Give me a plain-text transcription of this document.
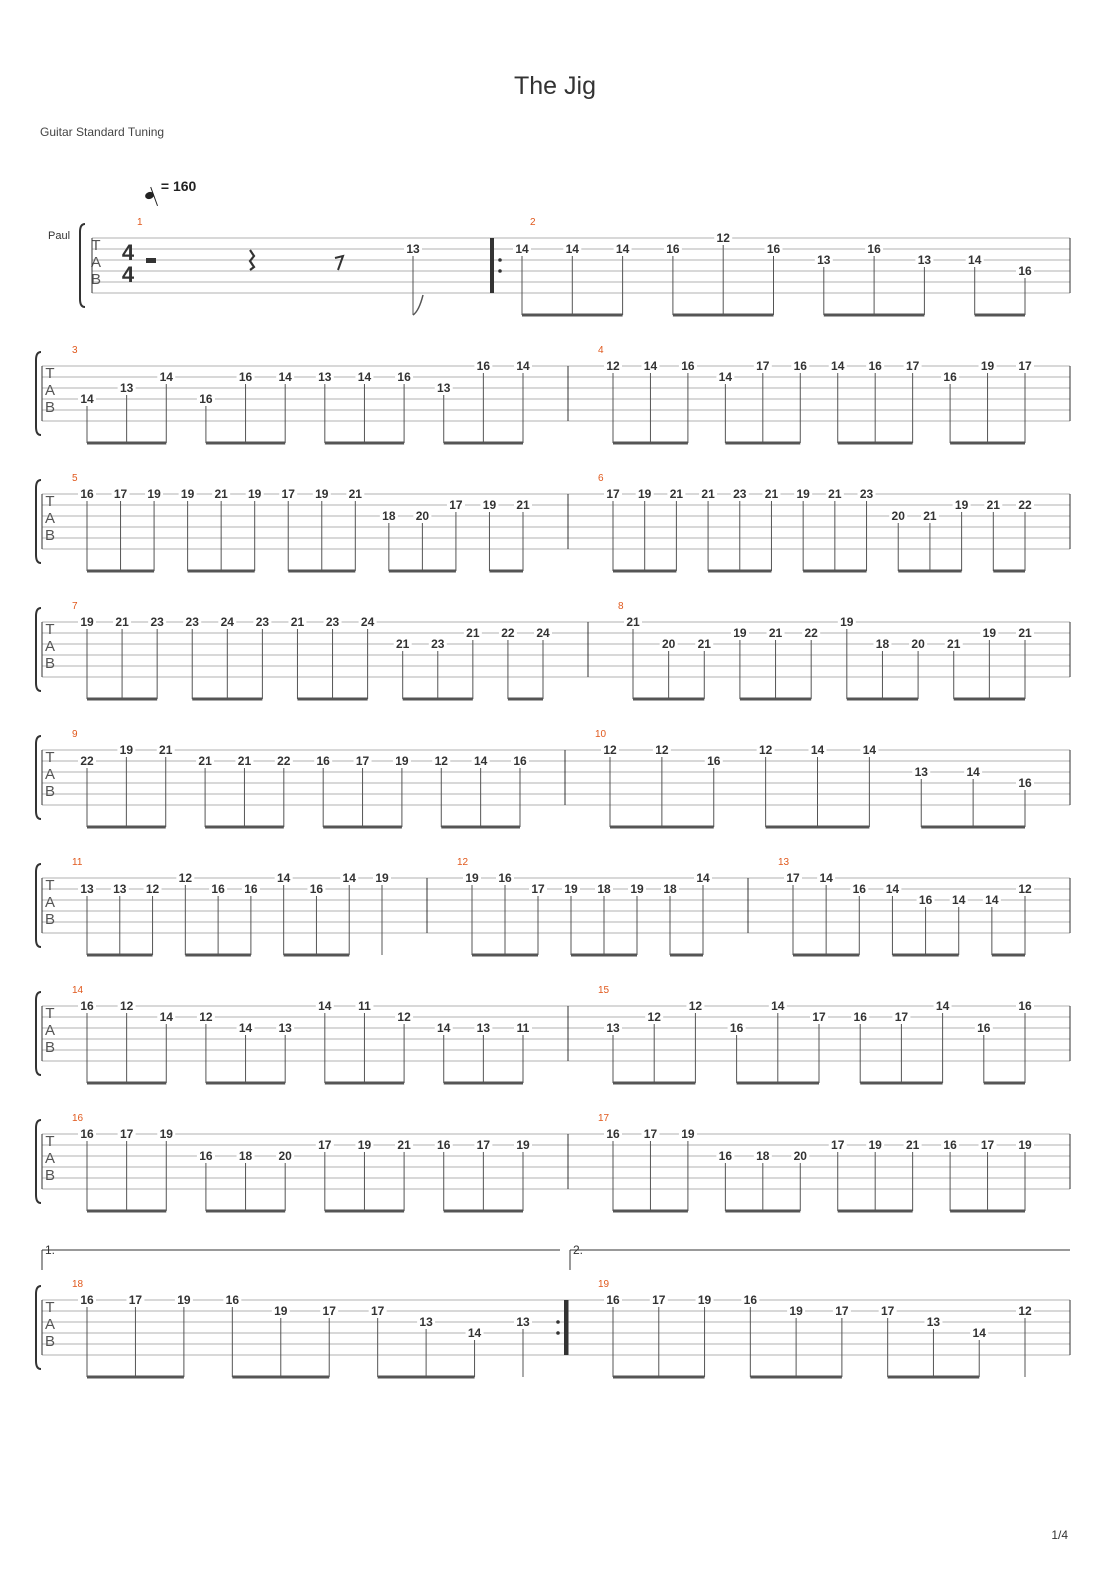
The Jig
Guitar Standard Tuning
= 160
Paul
1/4
T
A
B
1
13
2
14	14	14	16
12
16
13
16
13	14
16
T
A
B
3
14
13
14
16
16 14 13 14 16
13
16 14
4
12 14 16
14
17 16 14 16 17
16
19 17
T
A
B
5
16 17 19 19 21 19 17 19 21
18 20
17 19 21
6
17 19 21 21 23 21 19 21 23
20 21
19 21 22
T
A
B
7
19 21 23 23 24 23 21 23 24
21 23
21 22 24
8
21
20 21
19 21 22
19
18 20 21
19 21
T
A
B
9
22
19 21
21 21 22 16 17 19 12 14 16
10
12	12
16
12	14	14
13	14
16
T
A
B
11
13 13 12
12
16 16
14
16
14 19
12
19 16
17 19 18 19 18
14
13
17 14
16 14
16 14 14
12
T
A
B
14
16 12
14 12
14 13
14 11
12
14 13 11
15
13
12
12
16
14
17 16 17
14
16
16
T
A
B
16
16 17 19
16 18 20
17 19 21 16 17 19
17
16 17 19
16 18 20
17 19 21 16 17 19
T
A
B
18
16	17	19	16
19	17	17
13
14
13
19
16	17	19	16
19	17	17
13
14
12
4
4
1.	2.
